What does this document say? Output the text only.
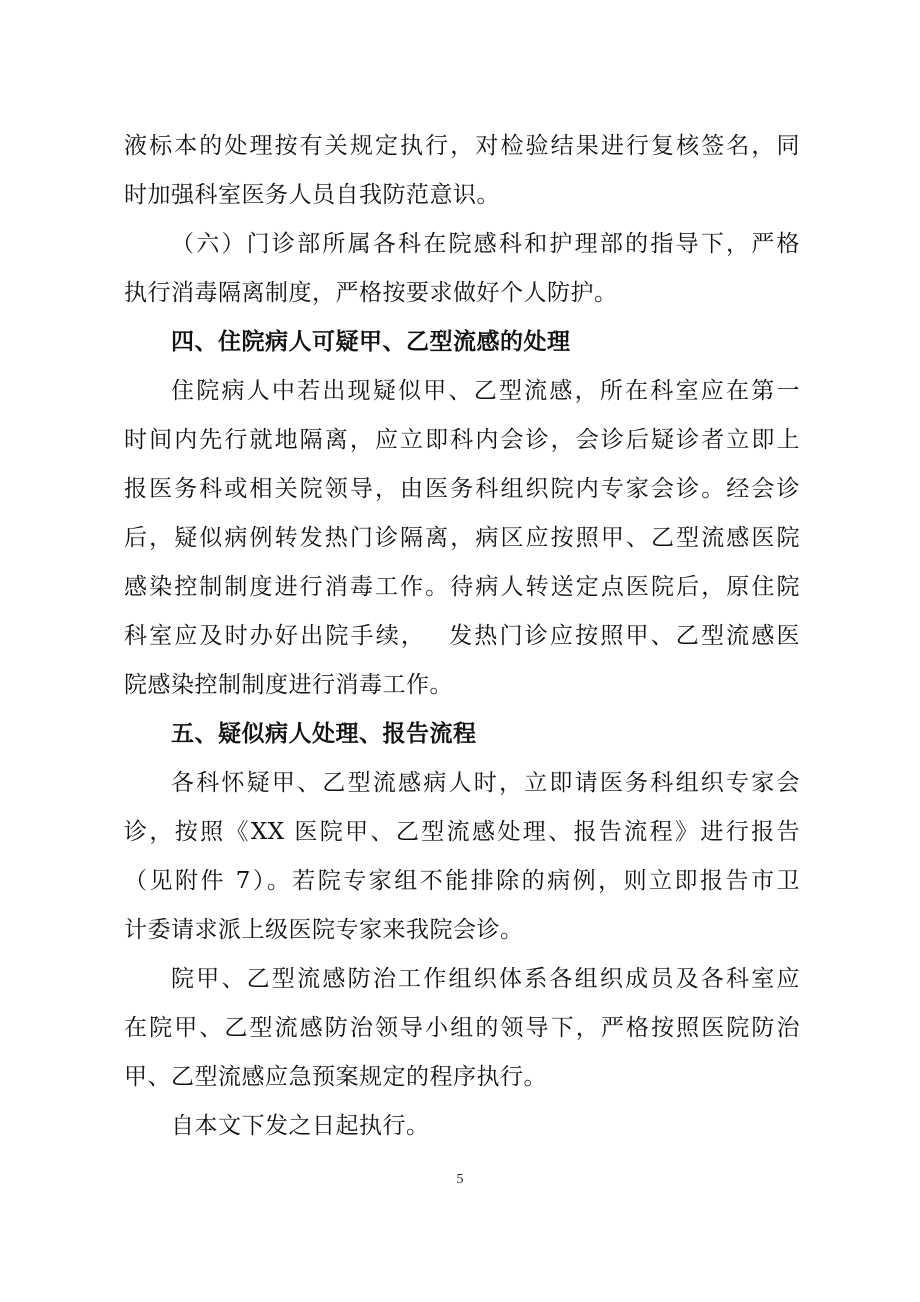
液标本的处理按有关规定执行，对检验结果进行复核签名，同
时加强科室医务人员自我防范意识。
（六）门诊部所属各科在院感科和护理部的指导下，严格
执行消毒隔离制度，严格按要求做好个人防护。
四、住院病人可疑甲、乙型流感的处理
住院病人中若出现疑似甲、乙型流感，所在科室应在第一
时间内先行就地隔离，应立即科内会诊，会诊后疑诊者立即上
报医务科或相关院领导，由医务科组织院内专家会诊。经会诊
后，疑似病例转发热门诊隔离，病区应按照甲、乙型流感医院
感染控制制度进行消毒工作。待病人转送定点医院后，原住院
科室应及时办好出院手续，　 发热门诊应按照甲、乙型流感医
院感染控制制度进行消毒工作。
五、疑似病人处理、报告流程
各科怀疑甲、乙型流感病人时，立即请医务科组织专家会
诊，按照《XX 医院甲、乙型流感处理、报告流程》进行报告
（见附件 7）。若院专家组不能排除的病例，则立即报告市卫
计委请求派上级医院专家来我院会诊。
院甲、乙型流感防治工作组织体系各组织成员及各科室应
在院甲、乙型流感防治领导小组的领导下，严格按照医院防治
甲、乙型流感应急预案规定的程序执行。
自本文下发之日起执行。
5
